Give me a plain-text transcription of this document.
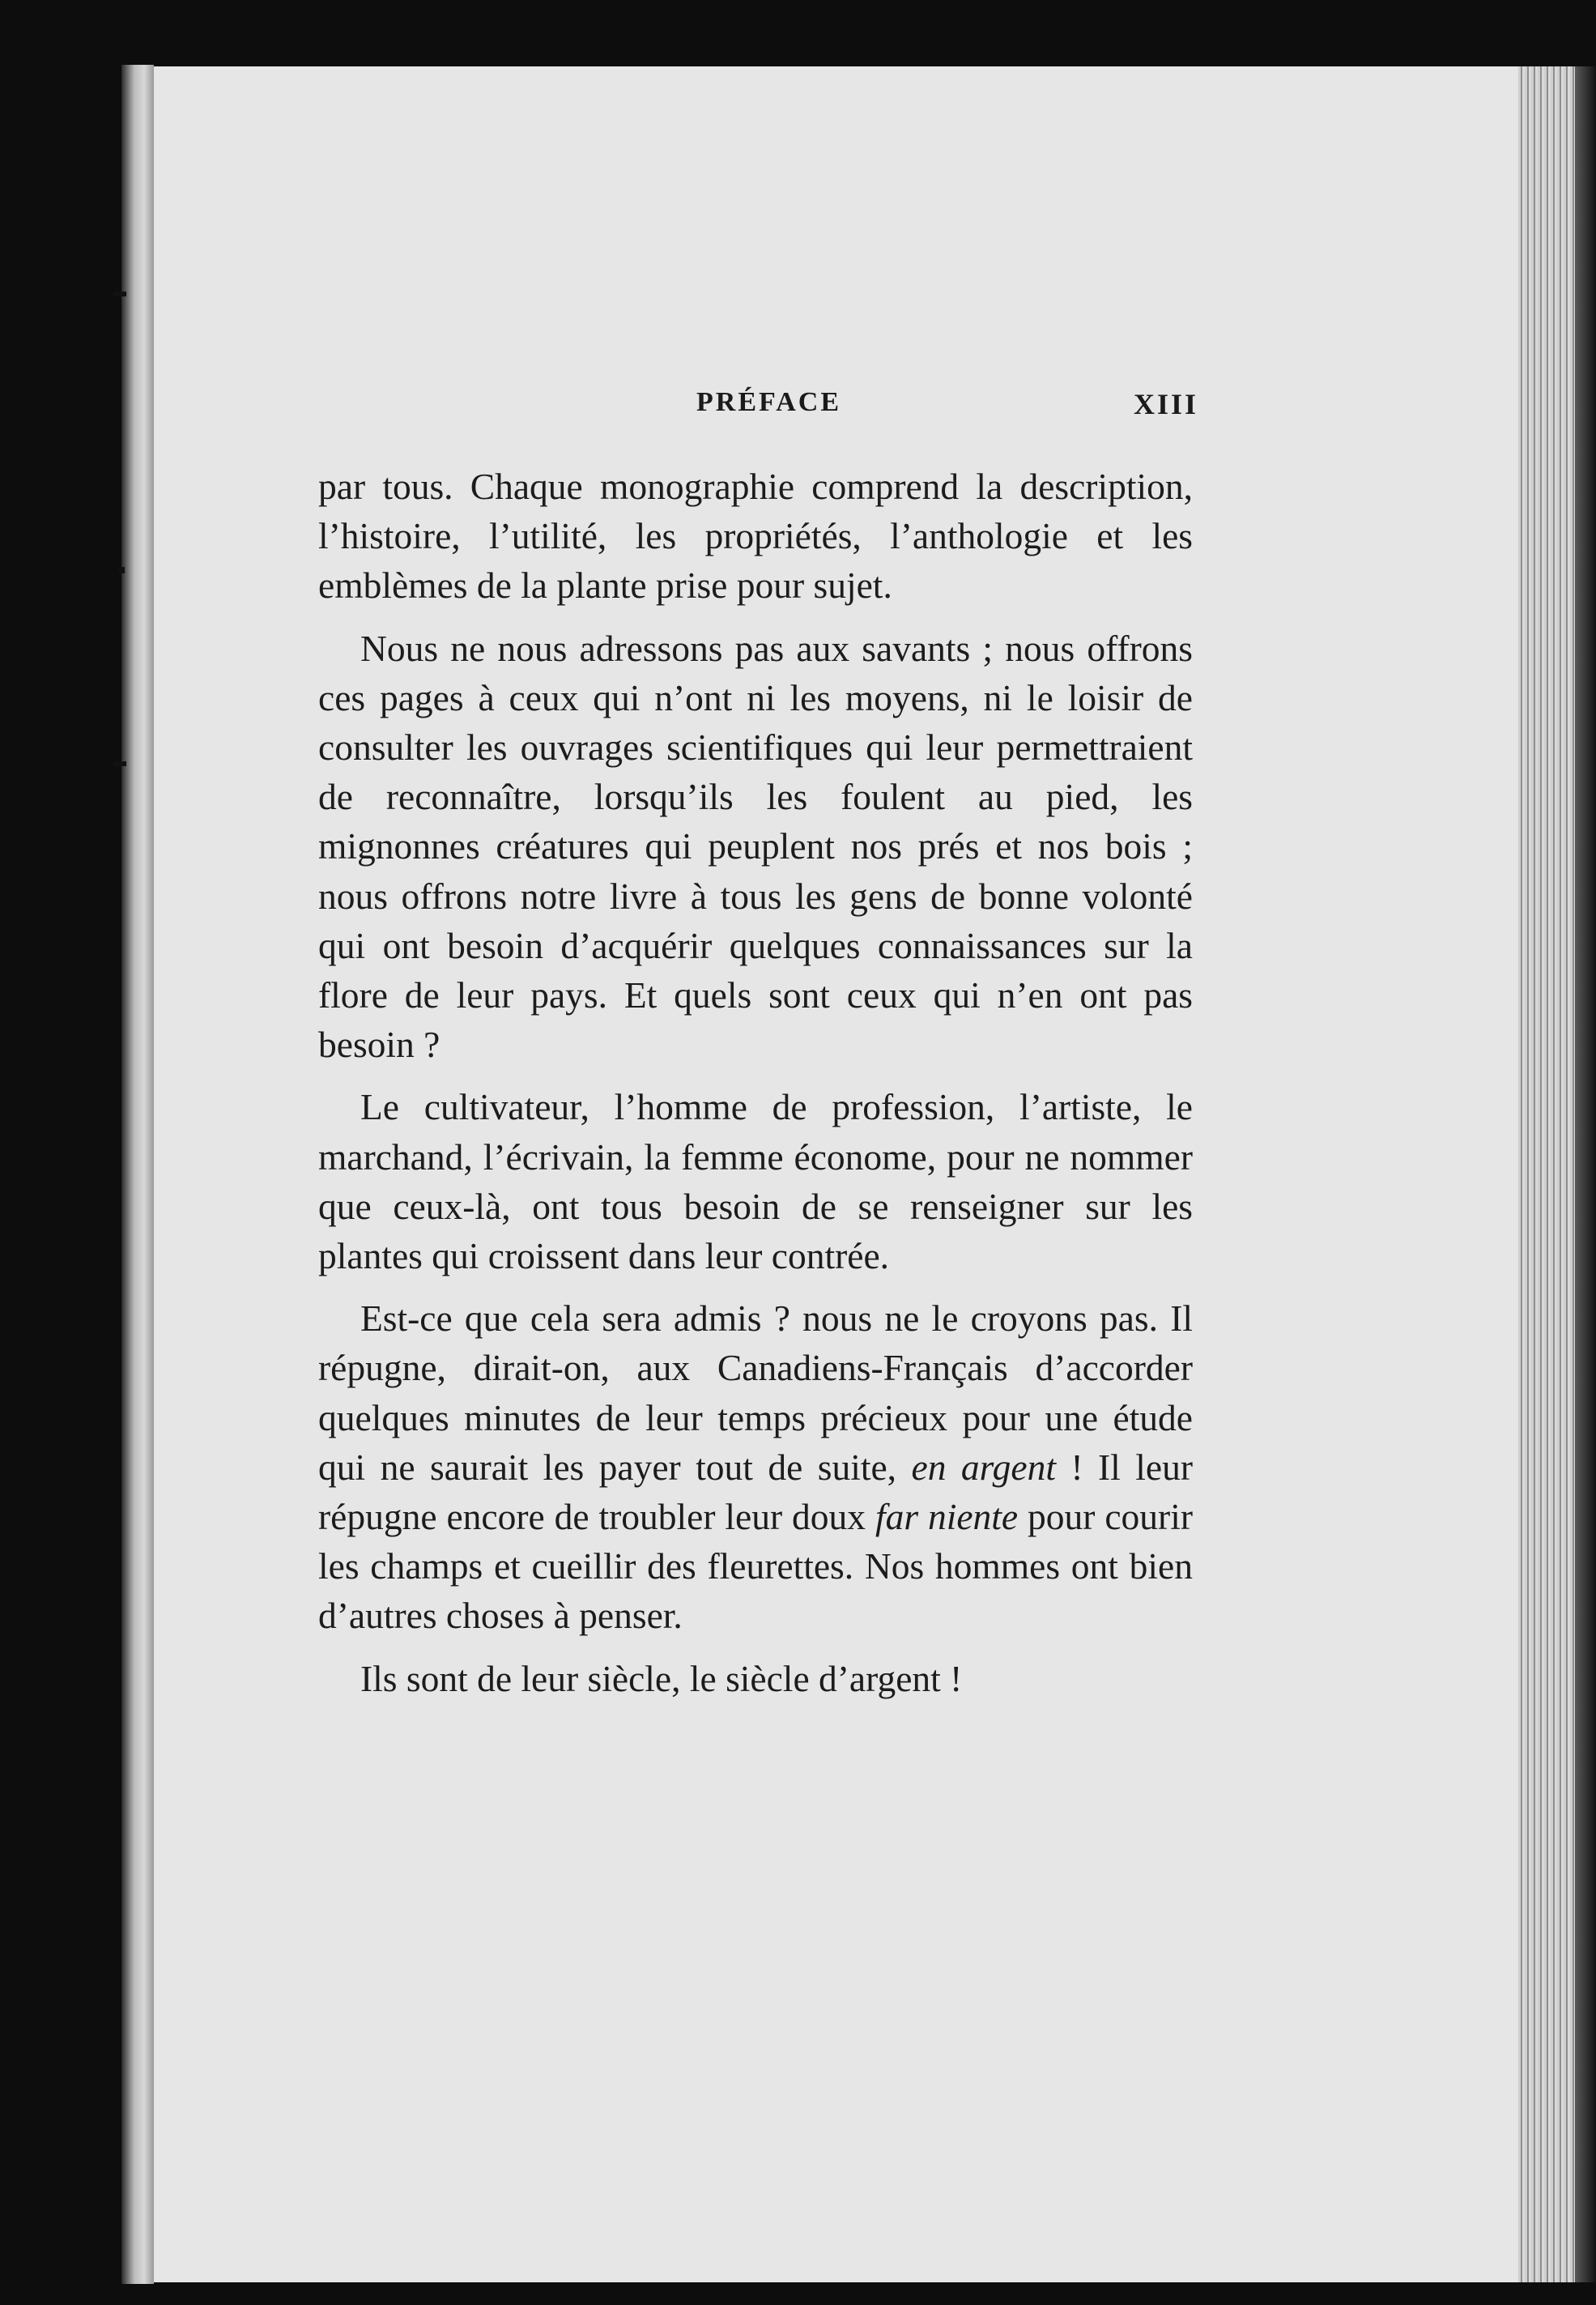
PRÉFACE	XIII

par tous. Chaque monographie comprend la description, l’histoire, l’utilité, les propriétés, l’anthologie et les emblèmes de la plante prise pour sujet.

Nous ne nous adressons pas aux savants ; nous offrons ces pages à ceux qui n’ont ni les moyens, ni le loisir de consulter les ouvrages scientifiques qui leur permettraient de reconnaître, lorsqu’ils les foulent au pied, les mignonnes créatures qui peuplent nos prés et nos bois ; nous offrons notre livre à tous les gens de bonne volonté qui ont besoin d’acquérir quelques connaissances sur la flore de leur pays. Et quels sont ceux qui n’en ont pas besoin ?

Le cultivateur, l’homme de profession, l’artiste, le marchand, l’écrivain, la femme économe, pour ne nommer que ceux-là, ont tous besoin de se renseigner sur les plantes qui croissent dans leur contrée.

Est-ce que cela sera admis ? nous ne le croyons pas. Il répugne, dirait-on, aux Canadiens-Français d’accorder quelques minutes de leur temps précieux pour une étude qui ne saurait les payer tout de suite, en argent ! Il leur répugne encore de troubler leur doux far niente pour courir les champs et cueillir des fleurettes. Nos hommes ont bien d’autres choses à penser.

Ils sont de leur siècle, le siècle d’argent !
